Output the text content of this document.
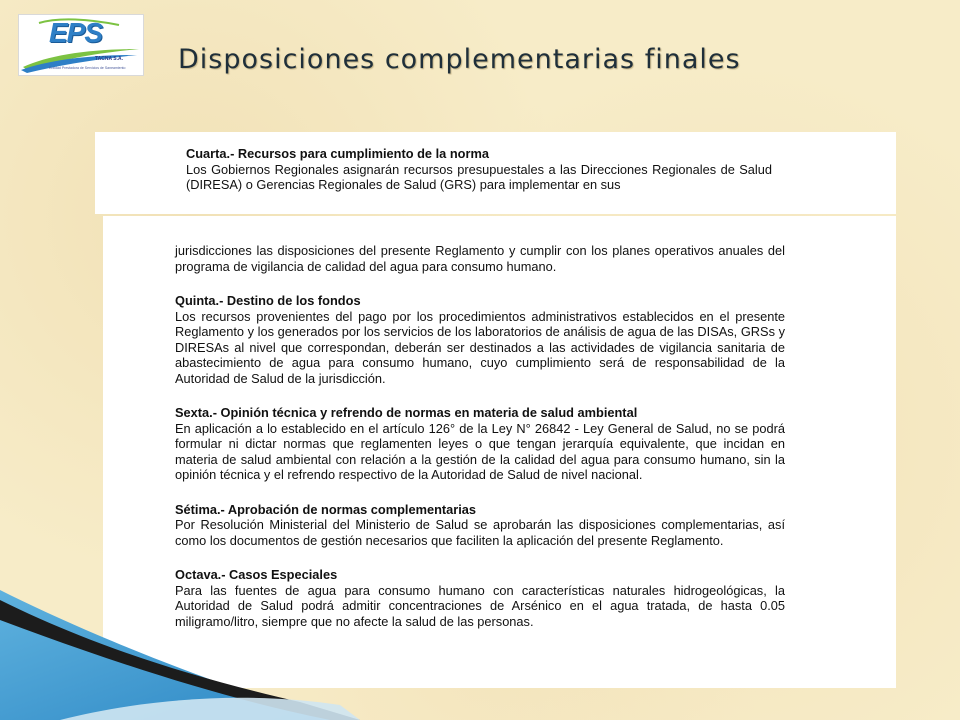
EPS
TACNA S.A.
Entidad Prestadora de Servicios de Saneamiento Disposiciones complementarias finales
Cuarta.- Recursos para cumplimiento de la norma
Los Gobiernos Regionales asignarán recursos presupuestales a las Direcciones Regionales de Salud (DIRESA) o Gerencias Regionales de Salud (GRS) para implementar en sus
jurisdicciones las disposiciones del presente Reglamento y cumplir con los planes operativos anuales del programa de vigilancia de calidad del agua para consumo humano.
Quinta.- Destino de los fondos
Los recursos provenientes del pago por los procedimientos administrativos establecidos en el presente Reglamento y los generados por los servicios de los laboratorios de análisis de agua de las DISAs, GRSs y DIRESAs al nivel que correspondan, deberán ser destinados a las actividades de vigilancia sanitaria de abastecimiento de agua para consumo humano, cuyo cumplimiento será de responsabilidad de la Autoridad de Salud de la jurisdicción.
Sexta.- Opinión técnica y refrendo de normas en materia de salud ambiental
En aplicación a lo establecido en el artículo 126° de la Ley N° 26842 - Ley General de Salud, no se podrá formular ni dictar normas que reglamenten leyes o que tengan jerarquía equivalente, que incidan en materia de salud ambiental con relación a la gestión de la calidad del agua para consumo humano, sin la opinión técnica y el refrendo respectivo de la Autoridad de Salud de nivel nacional.
Sétima.- Aprobación de normas complementarias
Por Resolución Ministerial del Ministerio de Salud se aprobarán las disposiciones complementarias, así como los documentos de gestión necesarios que faciliten la aplicación del presente Reglamento.
Octava.- Casos Especiales
Para las fuentes de agua para consumo humano con características naturales hidrogeológicas, la Autoridad de Salud podrá admitir concentraciones de Arsénico en el agua tratada, de hasta 0.05 miligramo/litro, siempre que no afecte la salud de las personas.
